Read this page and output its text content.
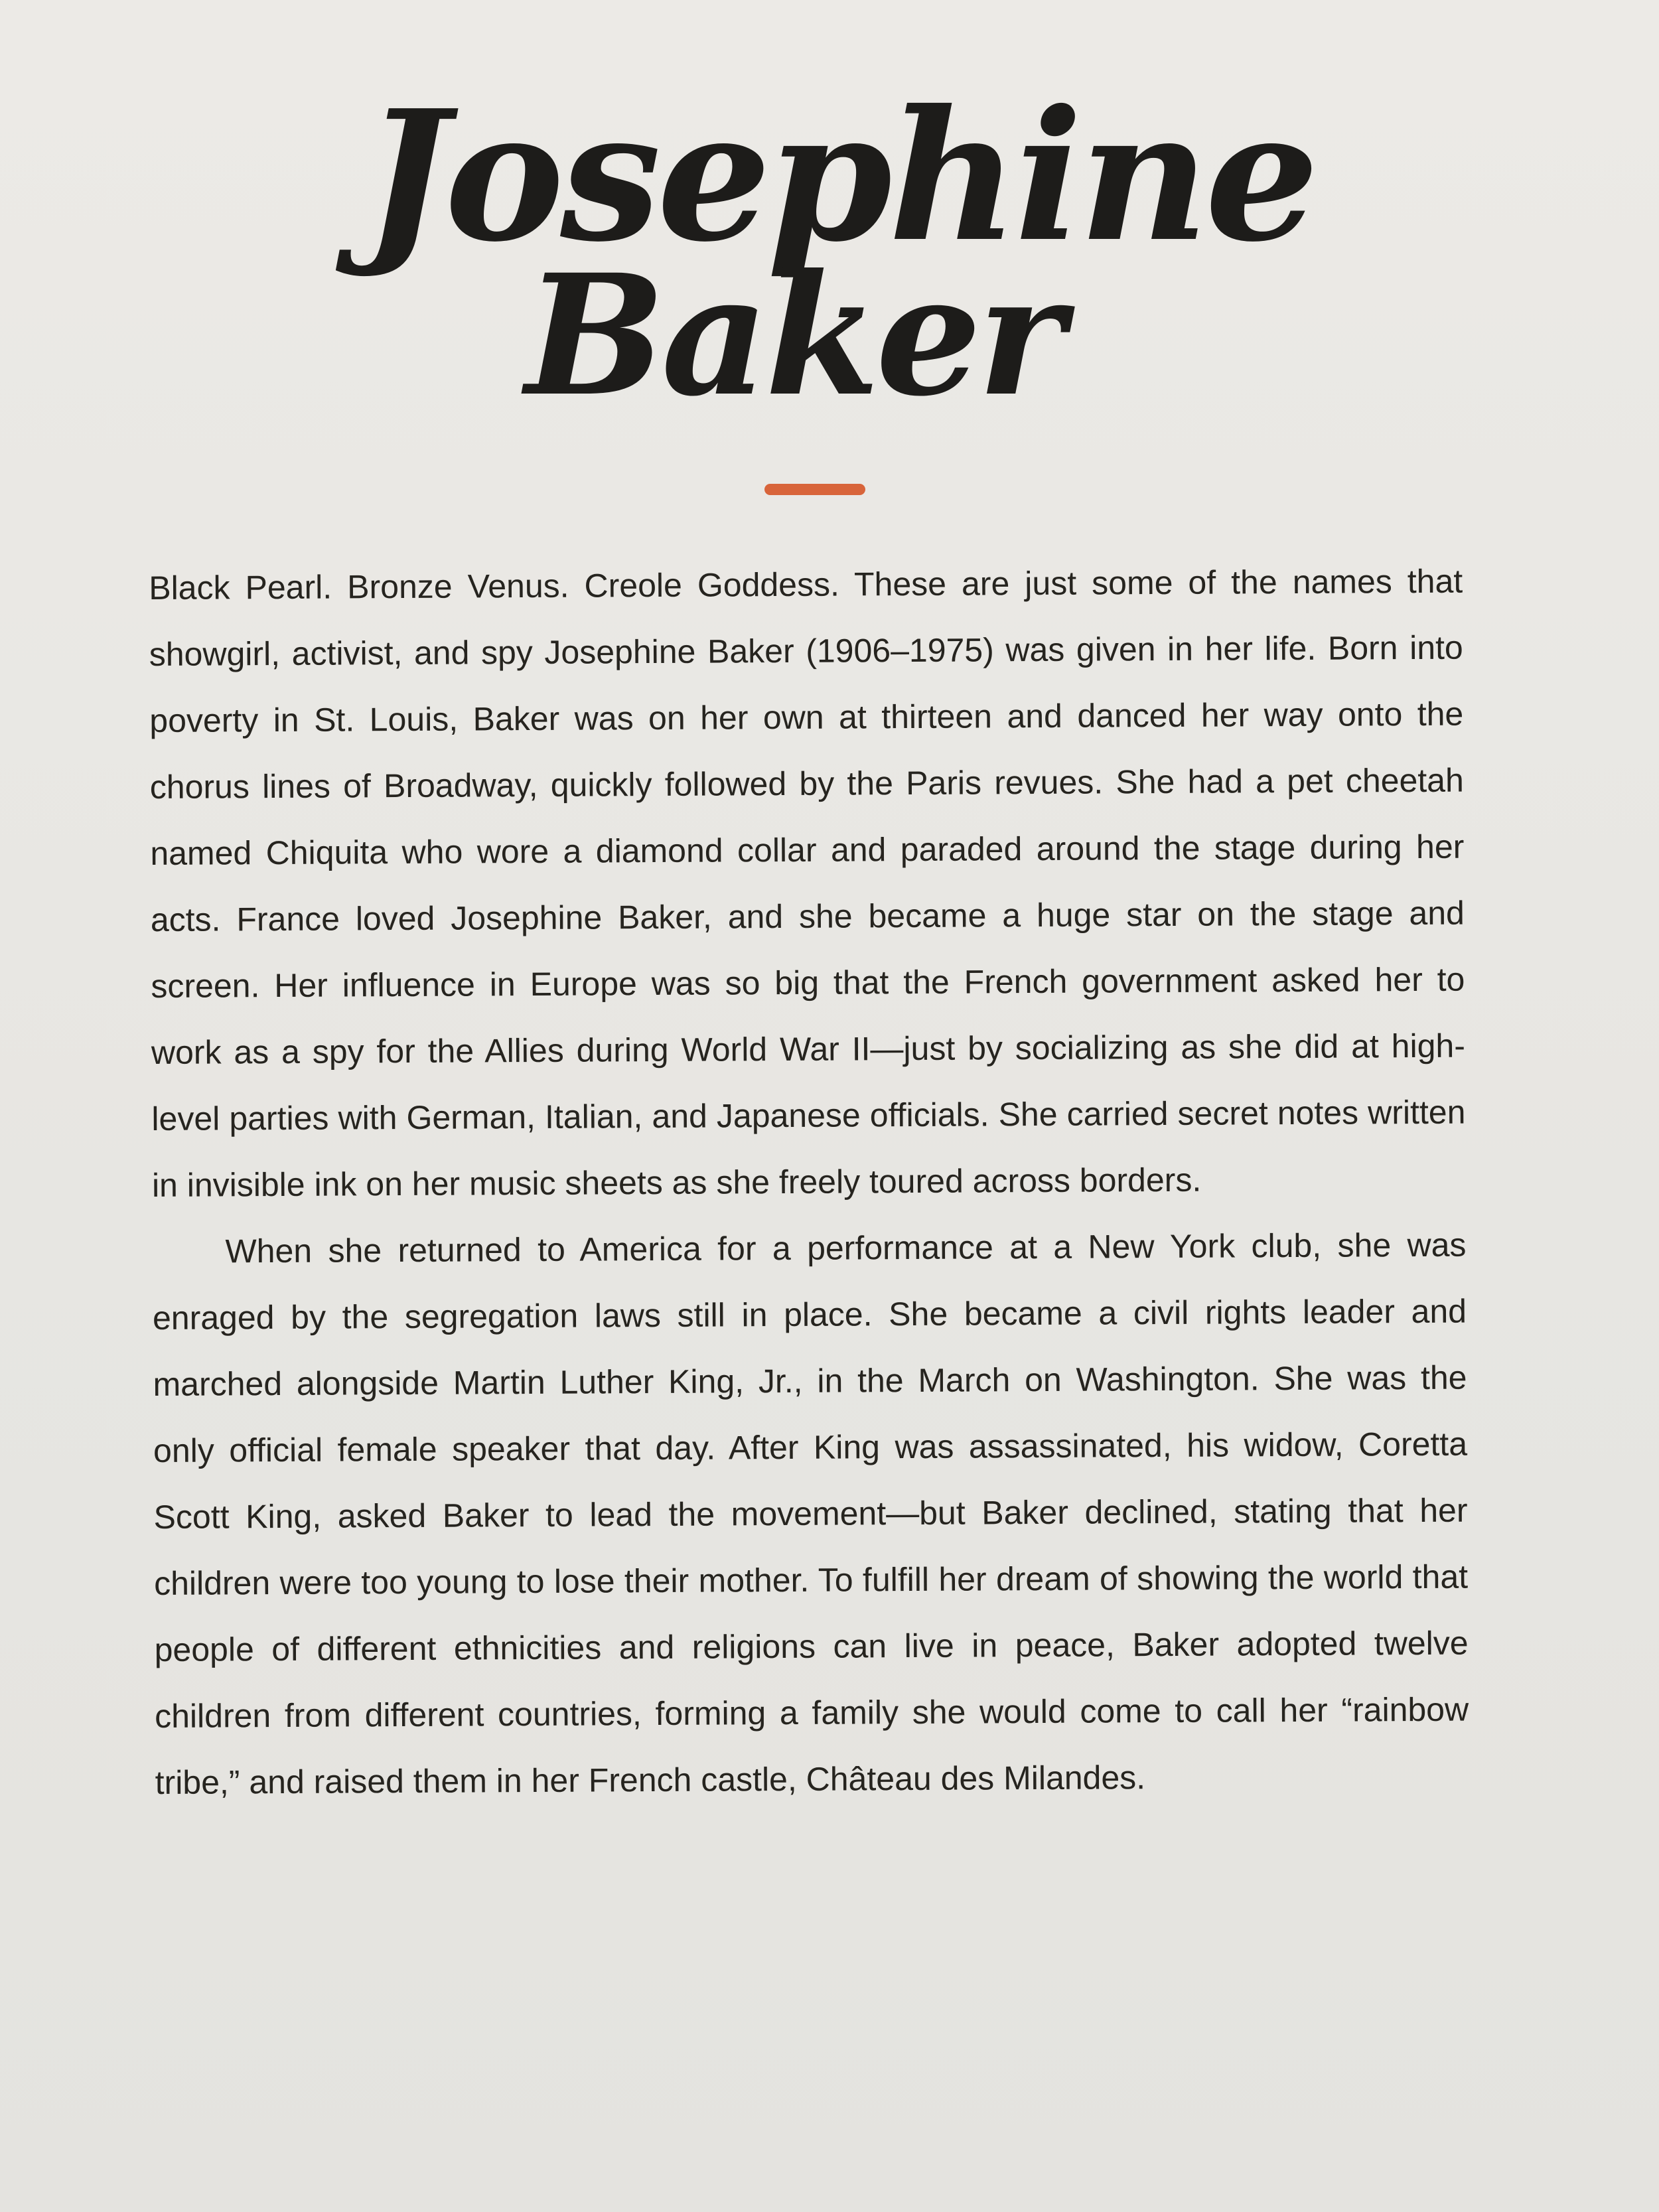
Josephine
Baker

Black Pearl. Bronze Venus. Creole Goddess. These are just some of the names that showgirl, activist, and spy Josephine Baker (1906–1975) was given in her life. Born into poverty in St. Louis, Baker was on her own at thirteen and danced her way onto the chorus lines of Broadway, quickly followed by the Paris revues. She had a pet cheetah named Chiquita who wore a diamond collar and paraded around the stage during her acts. France loved Josephine Baker, and she became a huge star on the stage and screen. Her influence in Europe was so big that the French government asked her to work as a spy for the Allies during World War II—just by socializing as she did at high-level parties with German, Italian, and Japanese officials. She carried secret notes written in invisible ink on her music sheets as she freely toured across borders.

When she returned to America for a performance at a New York club, she was enraged by the segregation laws still in place. She became a civil rights leader and marched alongside Martin Luther King, Jr., in the March on Washington. She was the only official female speaker that day. After King was assassinated, his widow, Coretta Scott King, asked Baker to lead the movement—but Baker declined, stating that her children were too young to lose their mother. To fulfill her dream of showing the world that people of different ethnicities and religions can live in peace, Baker adopted twelve children from different countries, forming a family she would come to call her “rainbow tribe,” and raised them in her French castle, Château des Milandes.
